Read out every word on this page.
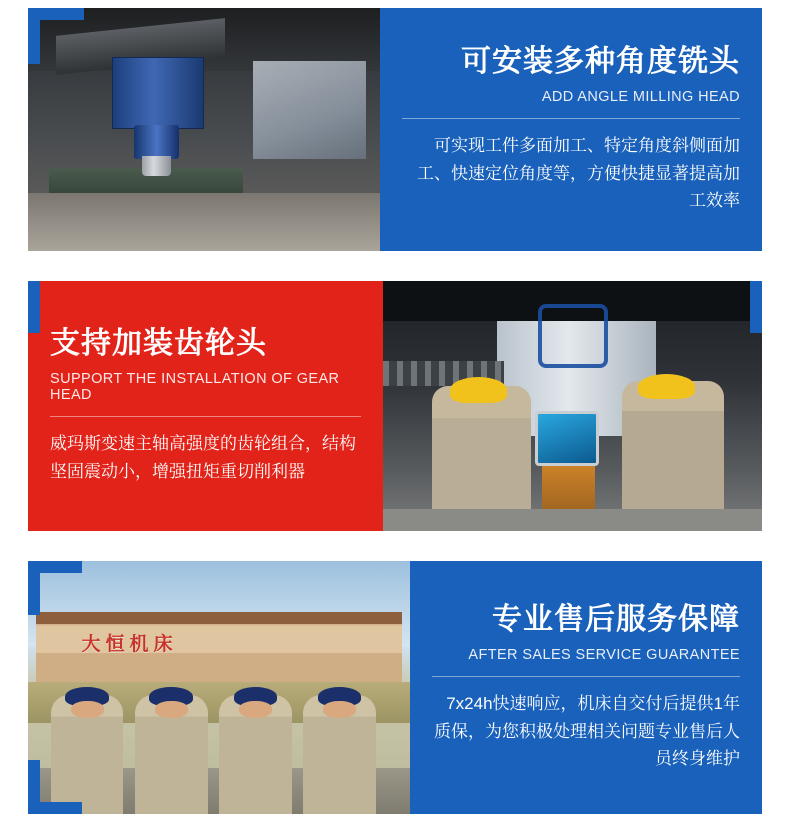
可安装多种角度铣头
ADD ANGLE MILLING HEAD
可实现工件多面加工、特定角度斜侧面加工、快速定位角度等，方便快捷显著提高加工效率
支持加装齿轮头
SUPPORT THE INSTALLATION OF GEAR HEAD
威玛斯变速主轴高强度的齿轮组合，结构坚固震动小，增强扭矩重切削利器
大恒机床
专业售后服务保障
AFTER SALES SERVICE GUARANTEE
7x24h快速响应，机床自交付后提供1年质保，为您积极处理相关问题专业售后人员终身维护
